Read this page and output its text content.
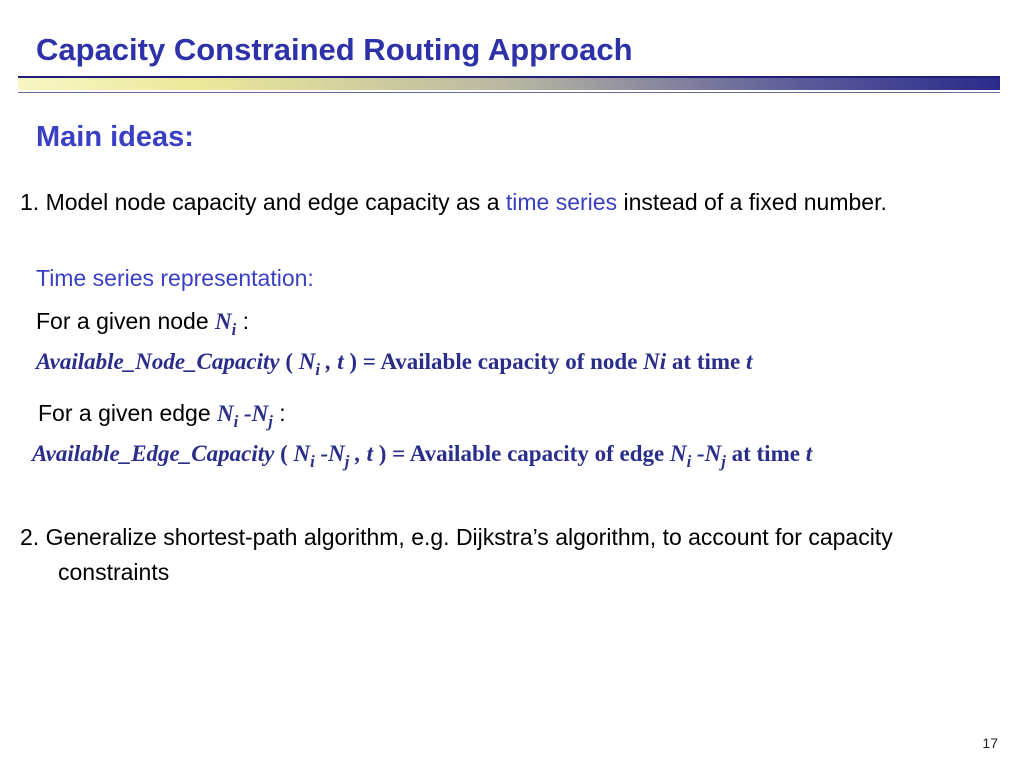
Capacity Constrained Routing Approach
Main ideas:
1. Model node capacity and edge capacity as a time series instead of a fixed number.
Time series representation:
For a given node $N_i$ :
Available_Node_Capacity ( $N_i$ , t ) = Available capacity of node Ni at time t
For a given edge $N_i$ $-N_j$ :
Available_Edge_Capacity ( $N_i$ $-N_j$ , t ) = Available capacity of edge $N_i$ $-N_j$ at time t
2. Generalize shortest-path algorithm, e.g. Dijkstra’s algorithm, to account for capacity constraints
17
